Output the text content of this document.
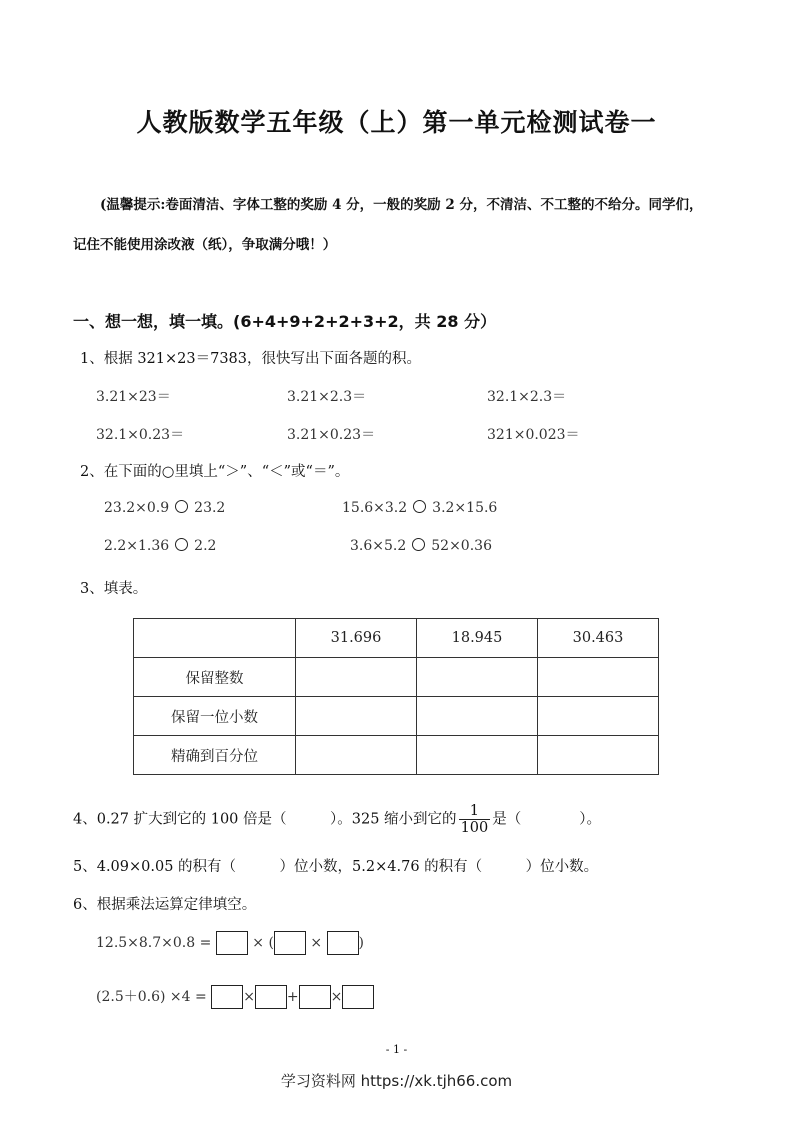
人教版数学五年级（上）第一单元检测试卷一
(温馨提示:卷面清洁、字体工整的奖励 4 分，一般的奖励 2 分，不清洁、不工整的不给分。同学们，
记住不能使用涂改液（纸），争取满分哦！）
一、想一想，填一填。(6+4+9+2+2+3+2，共 28 分）
1、根据 321×23＝7383，很快写出下面各题的积。
3.21×23＝	3.21×2.3＝	32.1×2.3＝
32.1×0.23＝	3.21×0.23＝	321×0.023＝
2、在下面的○里填上“＞”、“＜”或“＝”。
23.2×0.9 23.2	15.6×3.2 3.2×15.6
2.2×1.36 2.2	3.6×5.2 52×0.36
3、填表。
	31.696	18.945	30.463
保留整数			
保留一位小数			
精确到百分位			
4、0.27 扩大到它的 100 倍是（　　　）。325 缩小到它的 $\frac{1}{100}$ 是（　　　　）。
5、4.09×0.05 的积有（　　　）位小数，5.2×4.76 的积有（　　　）位小数。
6、根据乘法运算定律填空。
12.5×8.7×0.8 =	× (	×	)
(2.5＋0.6) ×4 =	× + ×
- 1 -
学习资料网 https://xk.tjh66.com
